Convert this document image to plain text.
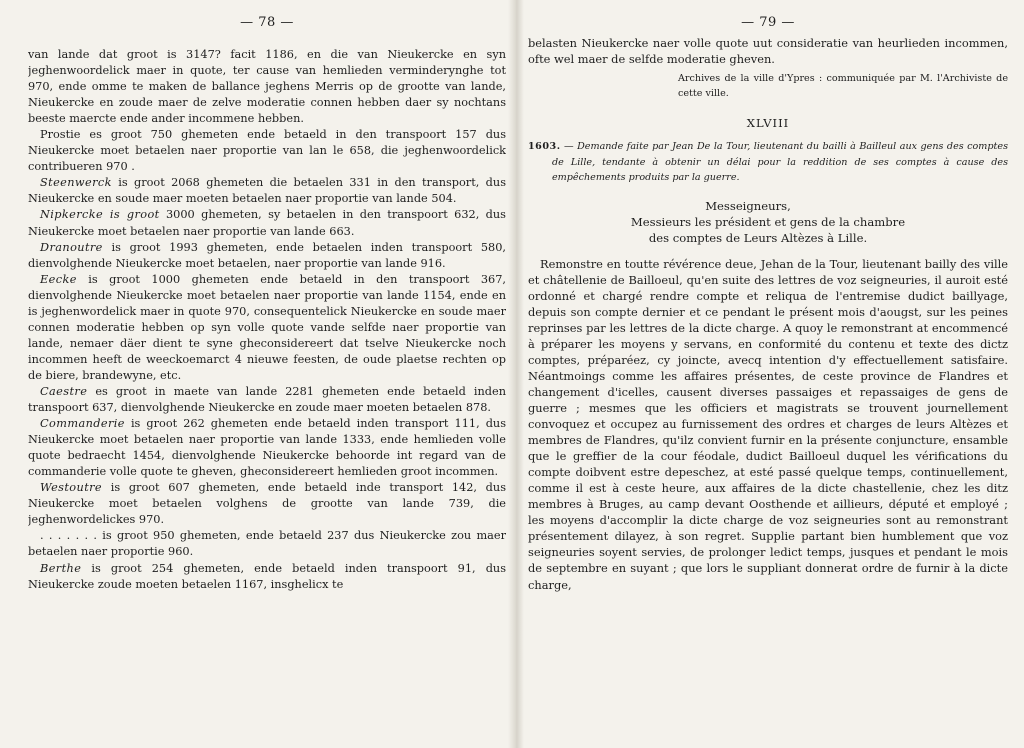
— 78 —

van lande dat groot is 3147? facit 1186, en die van Nieukercke en syn jeghenwoordelick maer in quote, ter cause van hemlieden verminderynghe tot 970, ende omme te maken de ballance jeghens Merris op de grootte van lande, Nieukercke en zoude maer de zelve moderatie connen hebben daer sy nochtans beeste maercte ende ander incommene hebben.

Prostie es groot 750 ghemeten ende betaeld in den transpoort 157 dus Nieukercke moet betaelen naer proportie van lan le 658, die jeghenwoordelick contribueren 970 .

Steenwerck is groot 2068 ghemeten die betaelen 331 in den transport, dus Nieukercke en soude maer moeten betaelen naer proportie van lande 504.

Nipkercke is groot 3000 ghemeten, sy betaelen in den transpoort 632, dus Nieukercke moet betaelen naer proportie van lande 663.

Dranoutre is groot 1993 ghemeten, ende betaelen inden transpoort 580, dienvolghende Nieukercke moet betaelen, naer proportie van lande 916.

Eecke is groot 1000 ghemeten ende betaeld in den transpoort 367, dienvolghende Nieukercke moet betaelen naer proportie van lande 1154, ende en is jeghenwordelick maer in quote 970, consequentelick Nieukercke en soude maer connen moderatie hebben op syn volle quote vande selfde naer proportie van lande, nemaer däer dient te syne gheconsidereert dat tselve Nieukercke noch incommen heeft de weeckoemarct 4 nieuwe feesten, de oude plaetse rechten op de biere, brandewyne, etc.

Caestre es groot in maete van lande 2281 ghemeten ende betaeld inden transpoort 637, dienvolghende Nieukercke en zoude maer moeten betaelen 878.

Commanderie is groot 262 ghemeten ende betaeld inden transport 111, dus Nieukercke moet betaelen naer proportie van lande 1333, ende hemlieden volle quote bedraecht 1454, dienvolghende Nieukercke behoorde int regard van de commanderie volle quote te gheven, gheconsidereert hemlieden groot incommen.

Westoutre is groot 607 ghemeten, ende betaeld inde transport 142, dus Nieukercke moet betaelen volghens de grootte van lande 739, die jeghenwordelickes 970.

. . . . . . . is groot 950 ghemeten, ende betaeld 237 dus Nieukercke zou maer betaelen naer proportie 960.

Berthe is groot 254 ghemeten, ende betaeld inden transpoort 91, dus Nieukercke zoude moeten betaelen 1167, insghelicx te

— 79 —

belasten Nieukercke naer volle quote uut consideratie van heurlieden incommen, ofte wel maer de selfde moderatie gheven.

Archives de la ville d'Ypres : communiquée par M. l'Archiviste de cette ville.

XLVIII

1603. — Demande faite par Jean De la Tour, lieutenant du bailli à Bailleul aux gens des comptes de Lille, tendante à obtenir un délai pour la reddition de ses comptes à cause des empêchements produits par la guerre.

Messeigneurs,
Messieurs les président et gens de la chambre
des comptes de Leurs Altèzes à Lille.

Remonstre en toutte révérence deue, Jehan de la Tour, lieutenant bailly des ville et châtellenie de Bailloeul, qu'en suite des lettres de voz seigneuries, il auroit esté ordonné et chargé rendre compte et reliqua de l'entremise dudict baillyage, depuis son compte dernier et ce pendant le présent mois d'aougst, sur les peines reprinses par les lettres de la dicte charge. A quoy le remonstrant at encommencé à préparer les moyens y servans, en conformité du contenu et texte des dictz comptes, préparéez, cy joincte, avecq intention d'y effectuellement satisfaire. Néantmoings comme les affaires présentes, de ceste province de Flandres et changement d'icelles, causent diverses passaiges et repassaiges de gens de guerre ; mesmes que les officiers et magistrats se trouvent journellement convoquez et occupez au furnissement des ordres et charges de leurs Altèzes et membres de Flandres, qu'ilz convient furnir en la présente conjuncture, ensamble que le greffier de la cour féodale, dudict Bailloeul duquel les vérifications du compte doibvent estre depeschez, at esté passé quelque temps, continuellement, comme il est à ceste heure, aux affaires de la dicte chastellenie, chez les ditz membres à Bruges, au camp devant Oosthende et aillieurs, député et employé ; les moyens d'accomplir la dicte charge de voz seigneuries sont au remonstrant présentement dilayez, à son regret. Supplie partant bien humblement que voz seigneuries soyent servies, de prolonger ledict temps, jusques et pendant le mois de septembre en suyant ; que lors le suppliant donnerat ordre de furnir à la dicte charge,
